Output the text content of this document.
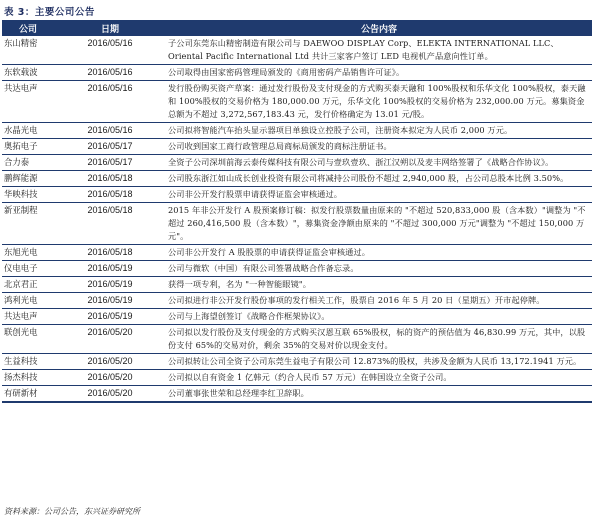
表 3：主要公司公告
公司	日期	公告内容
东山精密	2016/05/16	子公司东莞东山精密制造有限公司与 DAEWOO DISPLAY Corp、ELEKTA INTERNATIONAL LLC、Oriental Pacific International Ltd 共计三家客户签订 LED 电视机产品意向性订单。
东软载波	2016/05/16	公司取得由国家密码管理局颁发的《商用密码产品销售许可证》。
共达电声	2016/05/16	发行股份购买资产草案：通过发行股份及支付现金的方式购买泰天融和 100%股权和乐华文化 100%股权，泰天融和 100%股权的交易价格为 180,000.00 万元，乐华文化 100%股权的交易价格为 232,000.00 万元。募集资金总额为不超过 3,272,567,183.43 元，发行价格确定为 13.01 元/股。
水晶光电	2016/05/16	公司拟将智能汽车抬头显示器项目单独设立控股子公司，注册资本拟定为人民币 2,000 万元。
奥拓电子	2016/05/17	公司收到国家工商行政管理总局商标局颁发的商标注册证书。
合力泰	2016/05/17	全资子公司深圳前海云泰传媒科技有限公司与壹玖壹玖、浙江汉朔以及麦丰网络签署了《战略合作协议》。
鹏辉能源	2016/05/18	公司股东浙江如山成长创业投资有限公司将减持公司股份不超过 2,940,000 股，占公司总股本比例 3.50%。
华映科技	2016/05/18	公司非公开发行股票申请获得证监会审核通过。
新亚制程	2016/05/18	2015 年非公开发行 A 股预案修订稿：拟发行股票数量由原来的 "不超过 520,833,000 股（含本数）"调整为 "不超过 260,416,500 股（含本数）"，募集资金净额由原来的 "不超过 300,000 万元"调整为 "不超过 150,000 万元"。
东旭光电	2016/05/18	公司非公开发行 A 股股票的申请获得证监会审核通过。
仪电电子	2016/05/19	公司与微软（中国）有限公司签署战略合作备忘录。
北京君正	2016/05/19	获得一项专利，名为 "一种智能眼镜"。
鸿利光电	2016/05/19	公司拟进行非公开发行股份事项的发行相关工作，股票自 2016 年 5 月 20 日（星期五）开市起停牌。
共达电声	2016/05/19	公司与上海望创签订《战略合作框架协议》。
联创光电	2016/05/20	公司拟以发行股份及支付现金的方式购买汉恩互联 65%股权，标的资产的预估值为 46,830.99 万元，其中，以股份支付 65%的交易对价，剩余 35%的交易对价以现金支付。
生益科技	2016/05/20	公司拟转让公司全资子公司东莞生益电子有限公司 12.873%的股权，共涉及金额为人民币 13,172.1941 万元。
扬杰科技	2016/05/20	公司拟以自有资金 1 亿韩元（约合人民币 57 万元）在韩国设立全资子公司。
有研新材	2016/05/20	公司董事张世荣和总经理李红卫辞职。
资料来源：公司公告，东兴证券研究所
